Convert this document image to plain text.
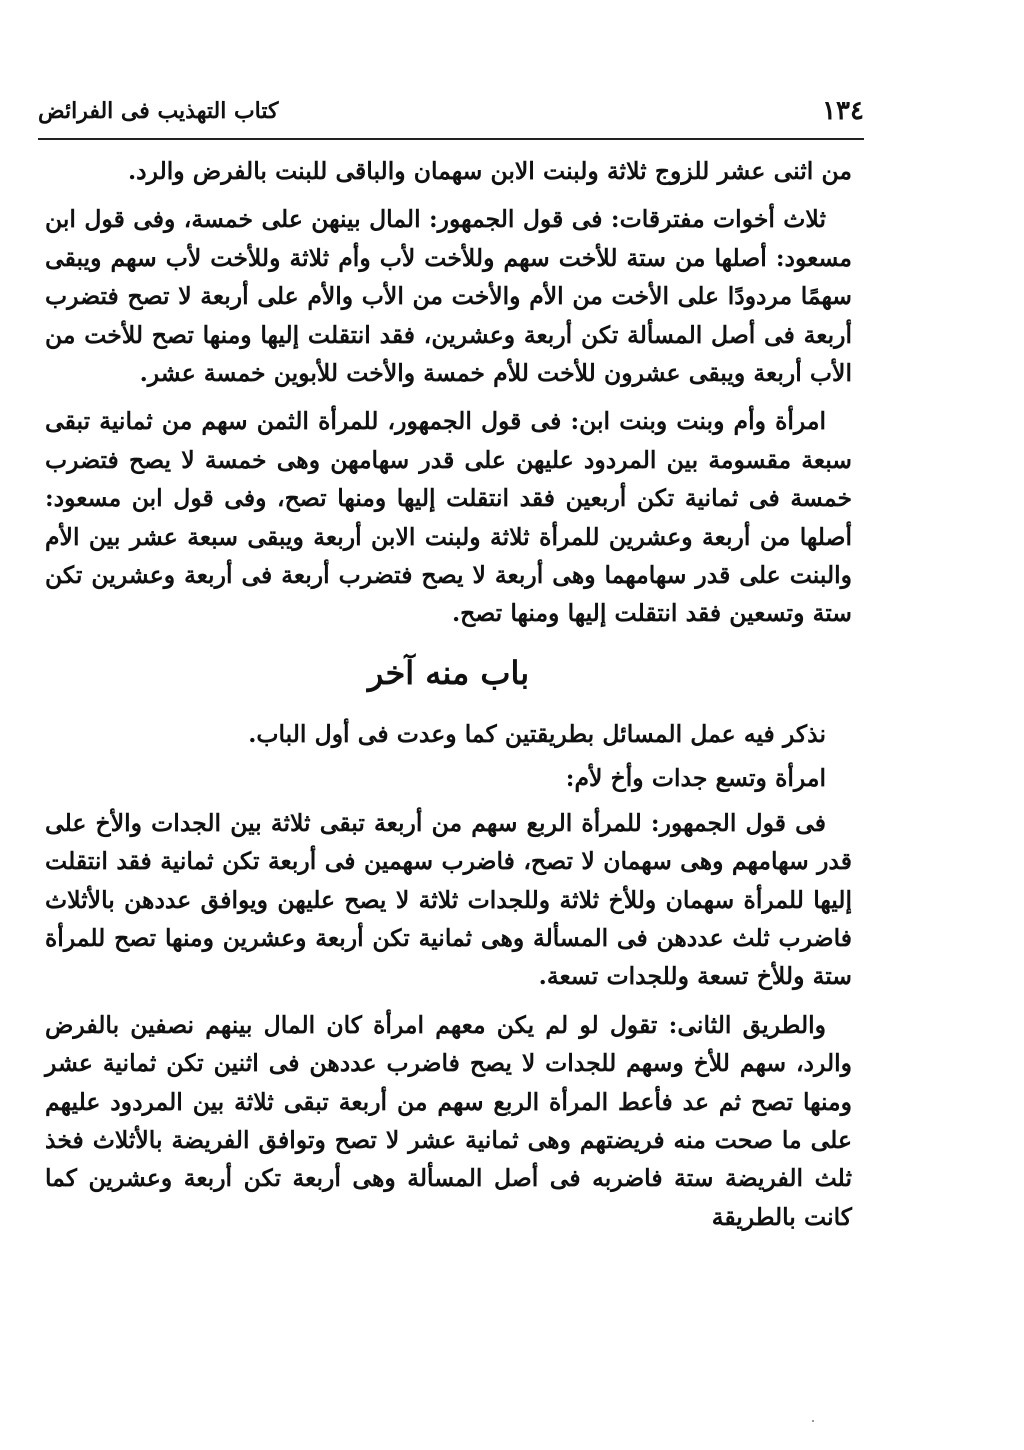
١٣٤
كتاب التهذيب فى الفرائض

من اثنى عشر للزوج ثلاثة ولبنت الابن سهمان والباقى للبنت بالفرض والرد.

ثلاث أخوات مفترقات: فى قول الجمهور: المال بينهن على خمسة، وفى قول ابن مسعود: أصلها من ستة للأخت سهم وللأخت لأب وأم ثلاثة وللأخت لأب سهم ويبقى سهمًا مردودًا على الأخت من الأم والأخت من الأب والأم على أربعة لا تصح فتضرب أربعة فى أصل المسألة تكن أربعة وعشرين، فقد انتقلت إليها ومنها تصح للأخت من الأب أربعة ويبقى عشرون للأخت للأم خمسة والأخت للأبوين خمسة عشر.

امرأة وأم وبنت وبنت ابن: فى قول الجمهور، للمرأة الثمن سهم من ثمانية تبقى سبعة مقسومة بين المردود عليهن على قدر سهامهن وهى خمسة لا يصح فتضرب خمسة فى ثمانية تكن أربعين فقد انتقلت إليها ومنها تصح، وفى قول ابن مسعود: أصلها من أربعة وعشرين للمرأة ثلاثة ولبنت الابن أربعة ويبقى سبعة عشر بين الأم والبنت على قدر سهامهما وهى أربعة لا يصح فتضرب أربعة فى أربعة وعشرين تكن ستة وتسعين فقد انتقلت إليها ومنها تصح.

باب منه آخر

نذكر فيه عمل المسائل بطريقتين كما وعدت فى أول الباب.

امرأة وتسع جدات وأخ لأم:

فى قول الجمهور: للمرأة الربع سهم من أربعة تبقى ثلاثة بين الجدات والأخ على قدر سهامهم وهى سهمان لا تصح، فاضرب سهمين فى أربعة تكن ثمانية فقد انتقلت إليها للمرأة سهمان وللأخ ثلاثة وللجدات ثلاثة لا يصح عليهن ويوافق عددهن بالأثلاث فاضرب ثلث عددهن فى المسألة وهى ثمانية تكن أربعة وعشرين ومنها تصح للمرأة ستة وللأخ تسعة وللجدات تسعة.

والطريق الثانى: تقول لو لم يكن معهم امرأة كان المال بينهم نصفين بالفرض والرد، سهم للأخ وسهم للجدات لا يصح فاضرب عددهن فى اثنين تكن ثمانية عشر ومنها تصح ثم عد فأعط المرأة الربع سهم من أربعة تبقى ثلاثة بين المردود عليهم على ما صحت منه فريضتهم وهى ثمانية عشر لا تصح وتوافق الفريضة بالأثلاث فخذ ثلث الفريضة ستة فاضربه فى أصل المسألة وهى أربعة تكن أربعة وعشرين كما كانت بالطريقة
